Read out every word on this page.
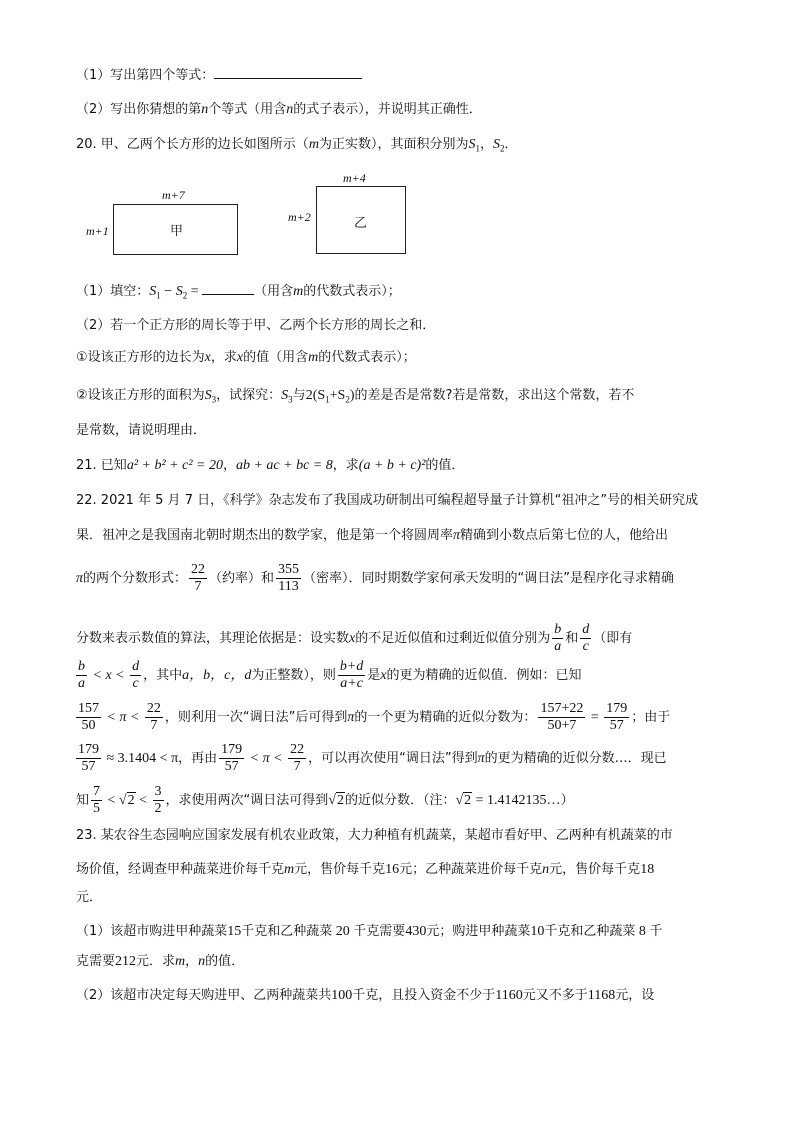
（1）写出第四个等式：
（2）写出你猜想的第n个等式（用含n的式子表示），并说明其正确性．
20. 甲、乙两个长方形的边长如图所示（m为正实数），其面积分别为$S_1$，$S_2$．
m+7
m+1	甲
m+4
m+2	乙
（1）填空：$S_1 - S_2$ =	（用含m的代数式表示）；
（2）若一个正方形的周长等于甲、乙两个长方形的周长之和．
①设该正方形的边长为x，求x的值（用含m的代数式表示）；
②设该正方形的面积为$S_3$，试探究：$S_3$与$2(S_1+S_2)$的差是否是常数?若是常数，求出这个常数，若不
是常数，请说明理由．
21. 已知a² + b² + c² = 20，ab + ac + bc = 8，求(a + b + c)²的值．
22. 2021 年 5 月 7 日，《科学》杂志发布了我国成功研制出可编程超导量子计算机“祖冲之”号的相关研究成
果．祖冲之是我国南北朝时期杰出的数学家，他是第一个将圆周率π精确到小数点后第七位的人，他给出
π的两个分数形式： $\frac{22}{7}$ （约率）和 $\frac{355}{113}$ （密率）．同时期数学家何承天发明的“调日法”是程序化寻求精确
分数来表示数值的算法，其理论依据是：设实数x的不足近似值和过剩近似值分别为 $\frac{b}{a}$ 和 $\frac{d}{c}$ （即有
$\frac{b}{a} < x < \frac{d}{c}$ ，其中a，b，c，d为正整数），则 $\frac{b+d}{a+c}$ 是x的更为精确的近似值．例如：已知
$\frac{157}{50} < \pi < \frac{22}{7}$ ，则利用一次“调日法”后可得到π的一个更为精确的近似分数为： $\frac{157+22}{50+7} = \frac{179}{57}$ ；由于
$\frac{179}{57} \approx 3.1404 < \pi$，再由 $\frac{179}{57} < \pi < \frac{22}{7}$ ，可以再次使用“调日法”得到π的更为精确的近似分数…．现已
知 $\frac{7}{5} < √2 < \frac{3}{2}$ ，求使用两次“调日法可得到√2的近似分数．（注：√2 = 1.4142135…）
23. 某农谷生态园响应国家发展有机农业政策，大力种植有机蔬菜，某超市看好甲、乙两种有机蔬菜的市
场价值，经调查甲种蔬菜进价每千克m元，售价每千克16元；乙种蔬菜进价每千克n元，售价每千克18
元．
（1）该超市购进甲种蔬菜15千克和乙种蔬菜 20 千克需要430元；购进甲种蔬菜10千克和乙种蔬菜 8 千
克需要212元．求m，n的值．
（2）该超市决定每天购进甲、乙两种蔬菜共100千克，且投入资金不少于1160元又不多于1168元，设
